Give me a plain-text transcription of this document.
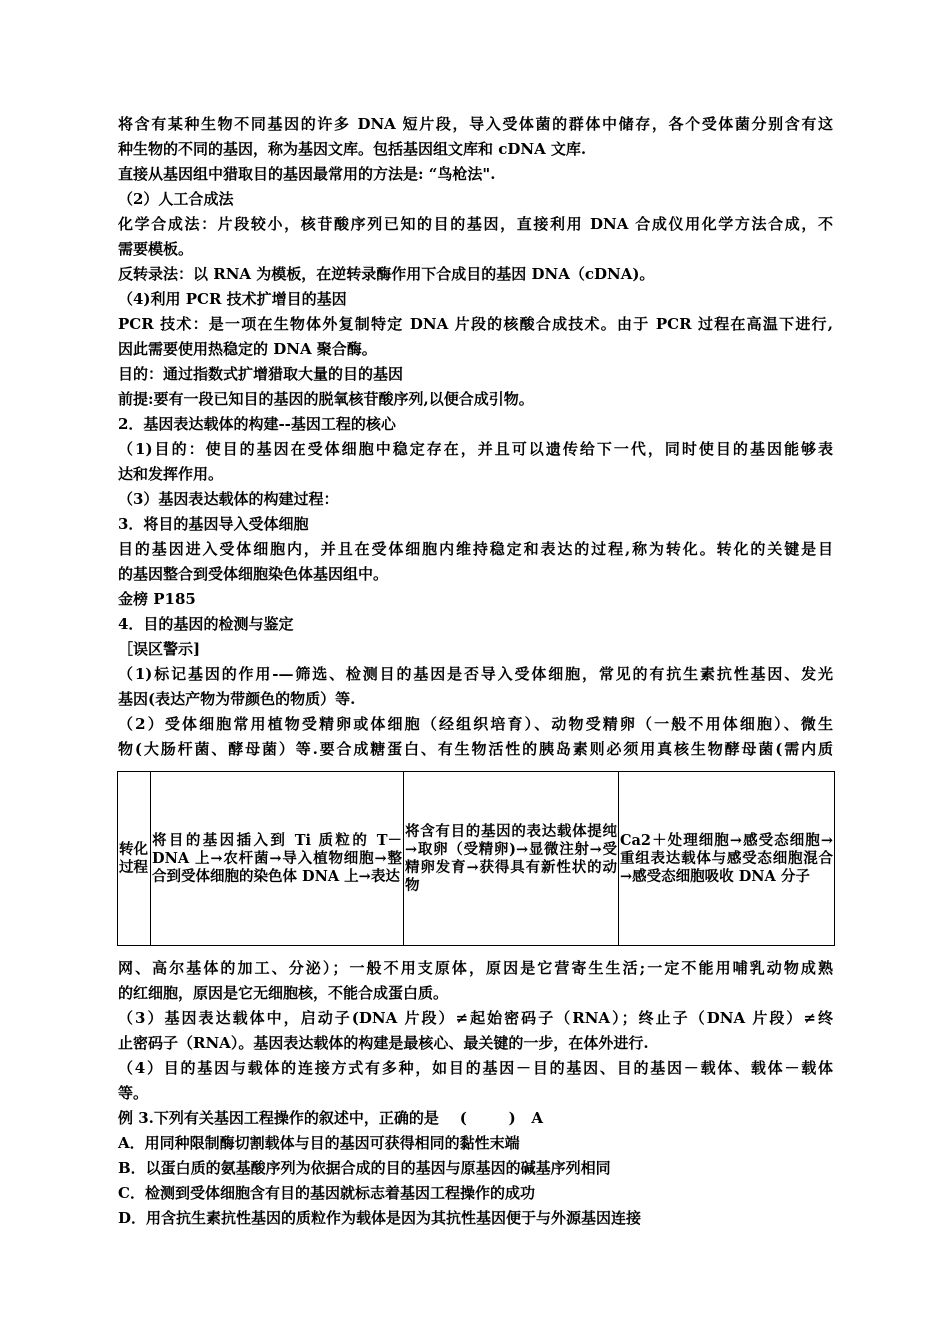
将含有某种生物不同基因的许多 DNA 短片段，导入受体菌的群体中储存，各个受体菌分别含有这
种生物的不同的基因，称为基因文库。包括基因组文库和 cDNA 文库.
直接从基因组中猎取目的基因最常用的方法是: “鸟枪法".
（2）人工合成法
化学合成法：片段较小，核苷酸序列已知的目的基因，直接利用 DNA 合成仪用化学方法合成，不
需要模板。
反转录法：以 RNA 为模板，在逆转录酶作用下合成目的基因 DNA（cDNA)。
（4)利用 PCR 技术扩增目的基因
PCR 技术：是一项在生物体外复制特定 DNA 片段的核酸合成技术。由于 PCR 过程在高温下进行,
因此需要使用热稳定的 DNA 聚合酶。
目的：通过指数式扩增猎取大量的目的基因
前提:要有一段已知目的基因的脱氧核苷酸序列,以便合成引物。
2．基因表达载体的构建--基因工程的核心
（1)目的：使目的基因在受体细胞中稳定存在，并且可以遗传给下一代，同时使目的基因能够表
达和发挥作用。
（3）基因表达载体的构建过程：
3．将目的基因导入受体细胞
目的基因进入受体细胞内，并且在受体细胞内维持稳定和表达的过程,称为转化。转化的关键是目
的基因整合到受体细胞染色体基因组中。
金榜 P185
4．目的基因的检测与鉴定
［误区警示]
（1)标记基因的作用-—筛选、检测目的基因是否导入受体细胞，常见的有抗生素抗性基因、发光
基因(表达产物为带颜色的物质）等.
（2）受体细胞常用植物受精卵或体细胞（经组织培育）、动物受精卵（一般不用体细胞）、微生
物(大肠杆菌、酵母菌）等.要合成糖蛋白、有生物活性的胰岛素则必须用真核生物酵母菌(需内质
转化过程	将目的基因插入到 Ti 质粒的 T－DNA 上→农杆菌→导入植物细胞→整合到受体细胞的染色体 DNA 上→表达	将含有目的基因的表达载体提纯→取卵（受精卵)→显微注射→受精卵发育→获得具有新性状的动物	Ca2＋处理细胞→感受态细胞→重组表达载体与感受态细胞混合→感受态细胞吸收 DNA 分子
网、高尔基体的加工、分泌）；一般不用支原体，原因是它营寄生生活;一定不能用哺乳动物成熟
的红细胞，原因是它无细胞核，不能合成蛋白质。
（3）基因表达载体中，启动子(DNA 片段）≠起始密码子（RNA）；终止子（DNA 片段）≠终
止密码子（RNA）。基因表达载体的构建是最核心、最关键的一步，在体外进行.
（4）目的基因与载体的连接方式有多种，如目的基因－目的基因、目的基因－载体、载体－载体
等。
例 3.下列有关基因工程操作的叙述中，正确的是    (        )   A
A．用同种限制酶切割载体与目的基因可获得相同的黏性末端
B．以蛋白质的氨基酸序列为依据合成的目的基因与原基因的碱基序列相同
C．检测到受体细胞含有目的基因就标志着基因工程操作的成功
D．用含抗生素抗性基因的质粒作为载体是因为其抗性基因便于与外源基因连接
